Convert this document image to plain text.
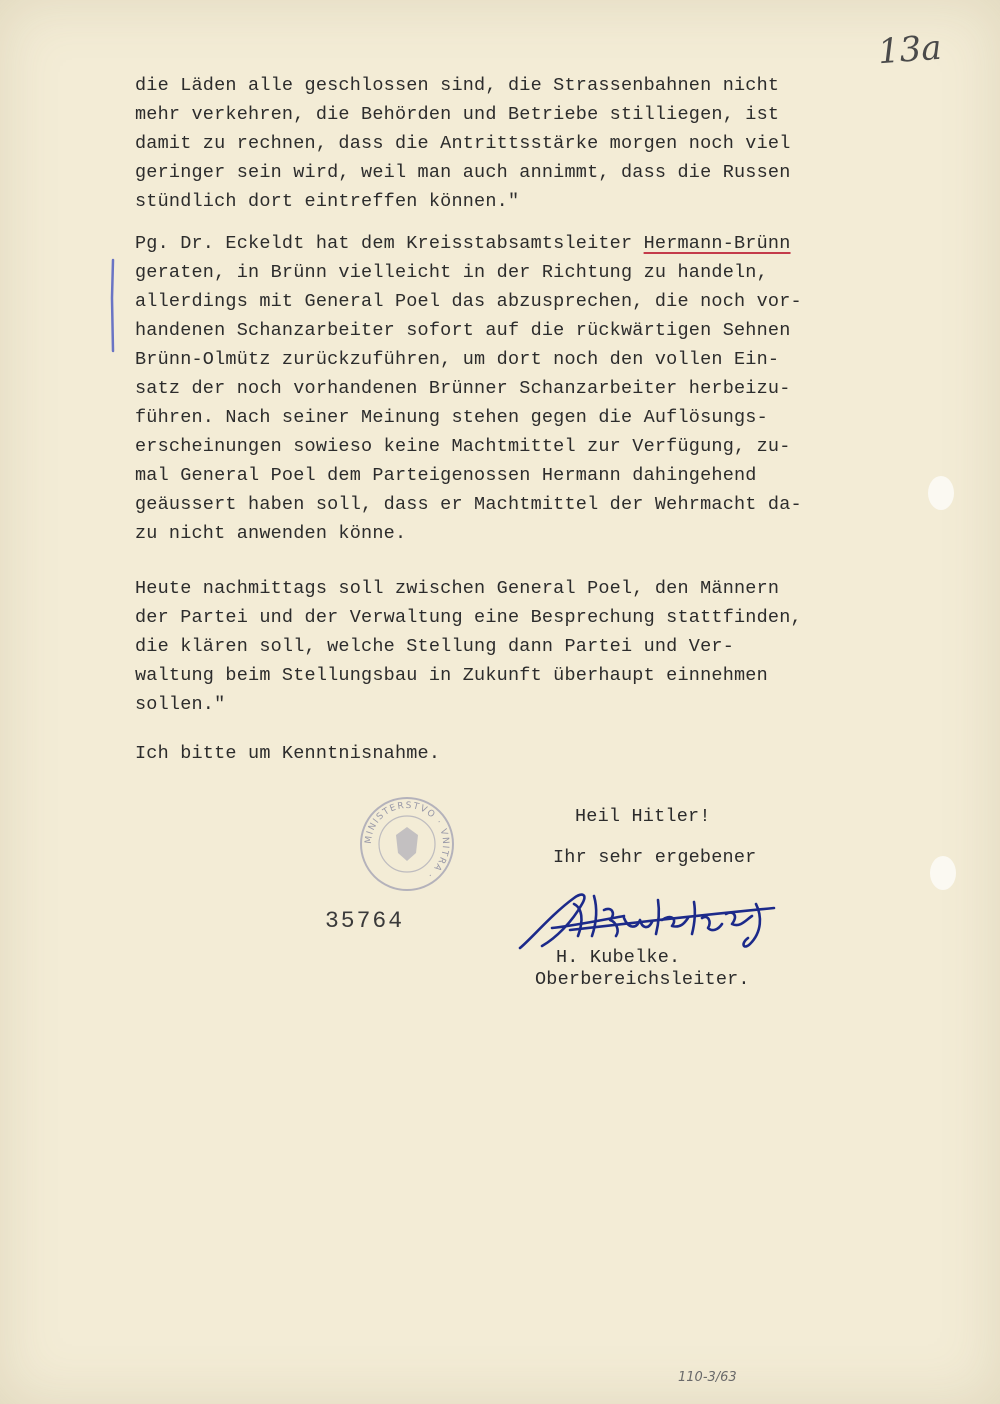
13a
die Läden alle geschlossen sind, die Strassenbahnen nicht
mehr verkehren, die Behörden und Betriebe stilliegen, ist
damit zu rechnen, dass die Antrittsstärke morgen noch viel
geringer sein wird, weil man auch annimmt, dass die Russen
stündlich dort eintreffen können."
Pg. Dr. Eckeldt hat dem Kreisstabsamtsleiter Hermann-Brünn
geraten, in Brünn vielleicht in der Richtung zu handeln,
allerdings mit General Poel das abzusprechen, die noch vor-
handenen Schanzarbeiter sofort auf die rückwärtigen Sehnen
Brünn-Olmütz zurückzuführen, um dort noch den vollen Ein-
satz der noch vorhandenen Brünner Schanzarbeiter herbeizu-
führen. Nach seiner Meinung stehen gegen die Auflösungs-
erscheinungen sowieso keine Machtmittel zur Verfügung, zu-
mal General Poel dem Parteigenossen Hermann dahingehend
geäussert haben soll, dass er Machtmittel der Wehrmacht da-
zu nicht anwenden könne.
Heute nachmittags soll zwischen General Poel, den Männern
der Partei und der Verwaltung eine Besprechung stattfinden,
die klären soll, welche Stellung dann Partei und Ver-
waltung beim Stellungsbau in Zukunft überhaupt einnehmen
sollen."
Ich bitte um Kenntnisnahme.
Heil Hitler!
Ihr sehr ergebener
H. Kubelke.
Oberbereichsleiter.
35764
MINISTERSTVO · VNITRA ·
110-3/63
